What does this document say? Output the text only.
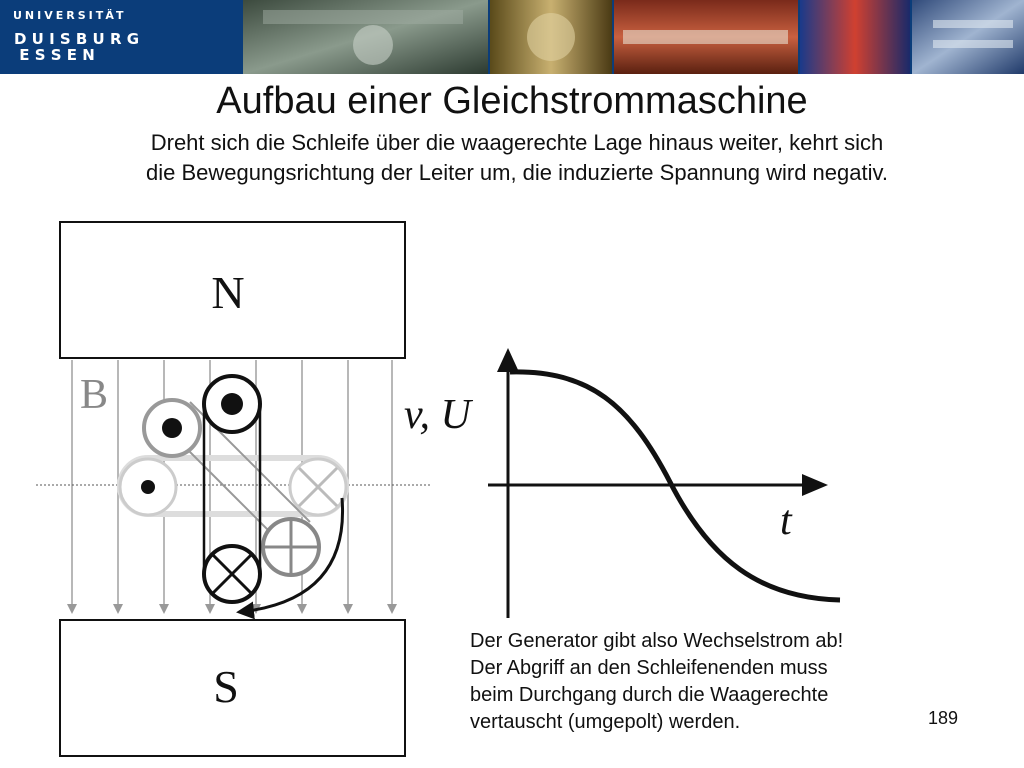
UNIVERSITÄT
D U I S B U R G
E S S E N
Aufbau einer Gleichstrommaschine
Dreht sich die Schleife über die waagerechte Lage hinaus weiter, kehrt sich
die Bewegungsrichtung der Leiter um, die induzierte Spannung wird negativ.
N
S
B	v, U
t
Der Generator gibt also Wechselstrom ab!
Der Abgriff an den Schleifenenden muss
beim Durchgang durch die Waagerechte
vertauscht (umgepolt) werden.	189
